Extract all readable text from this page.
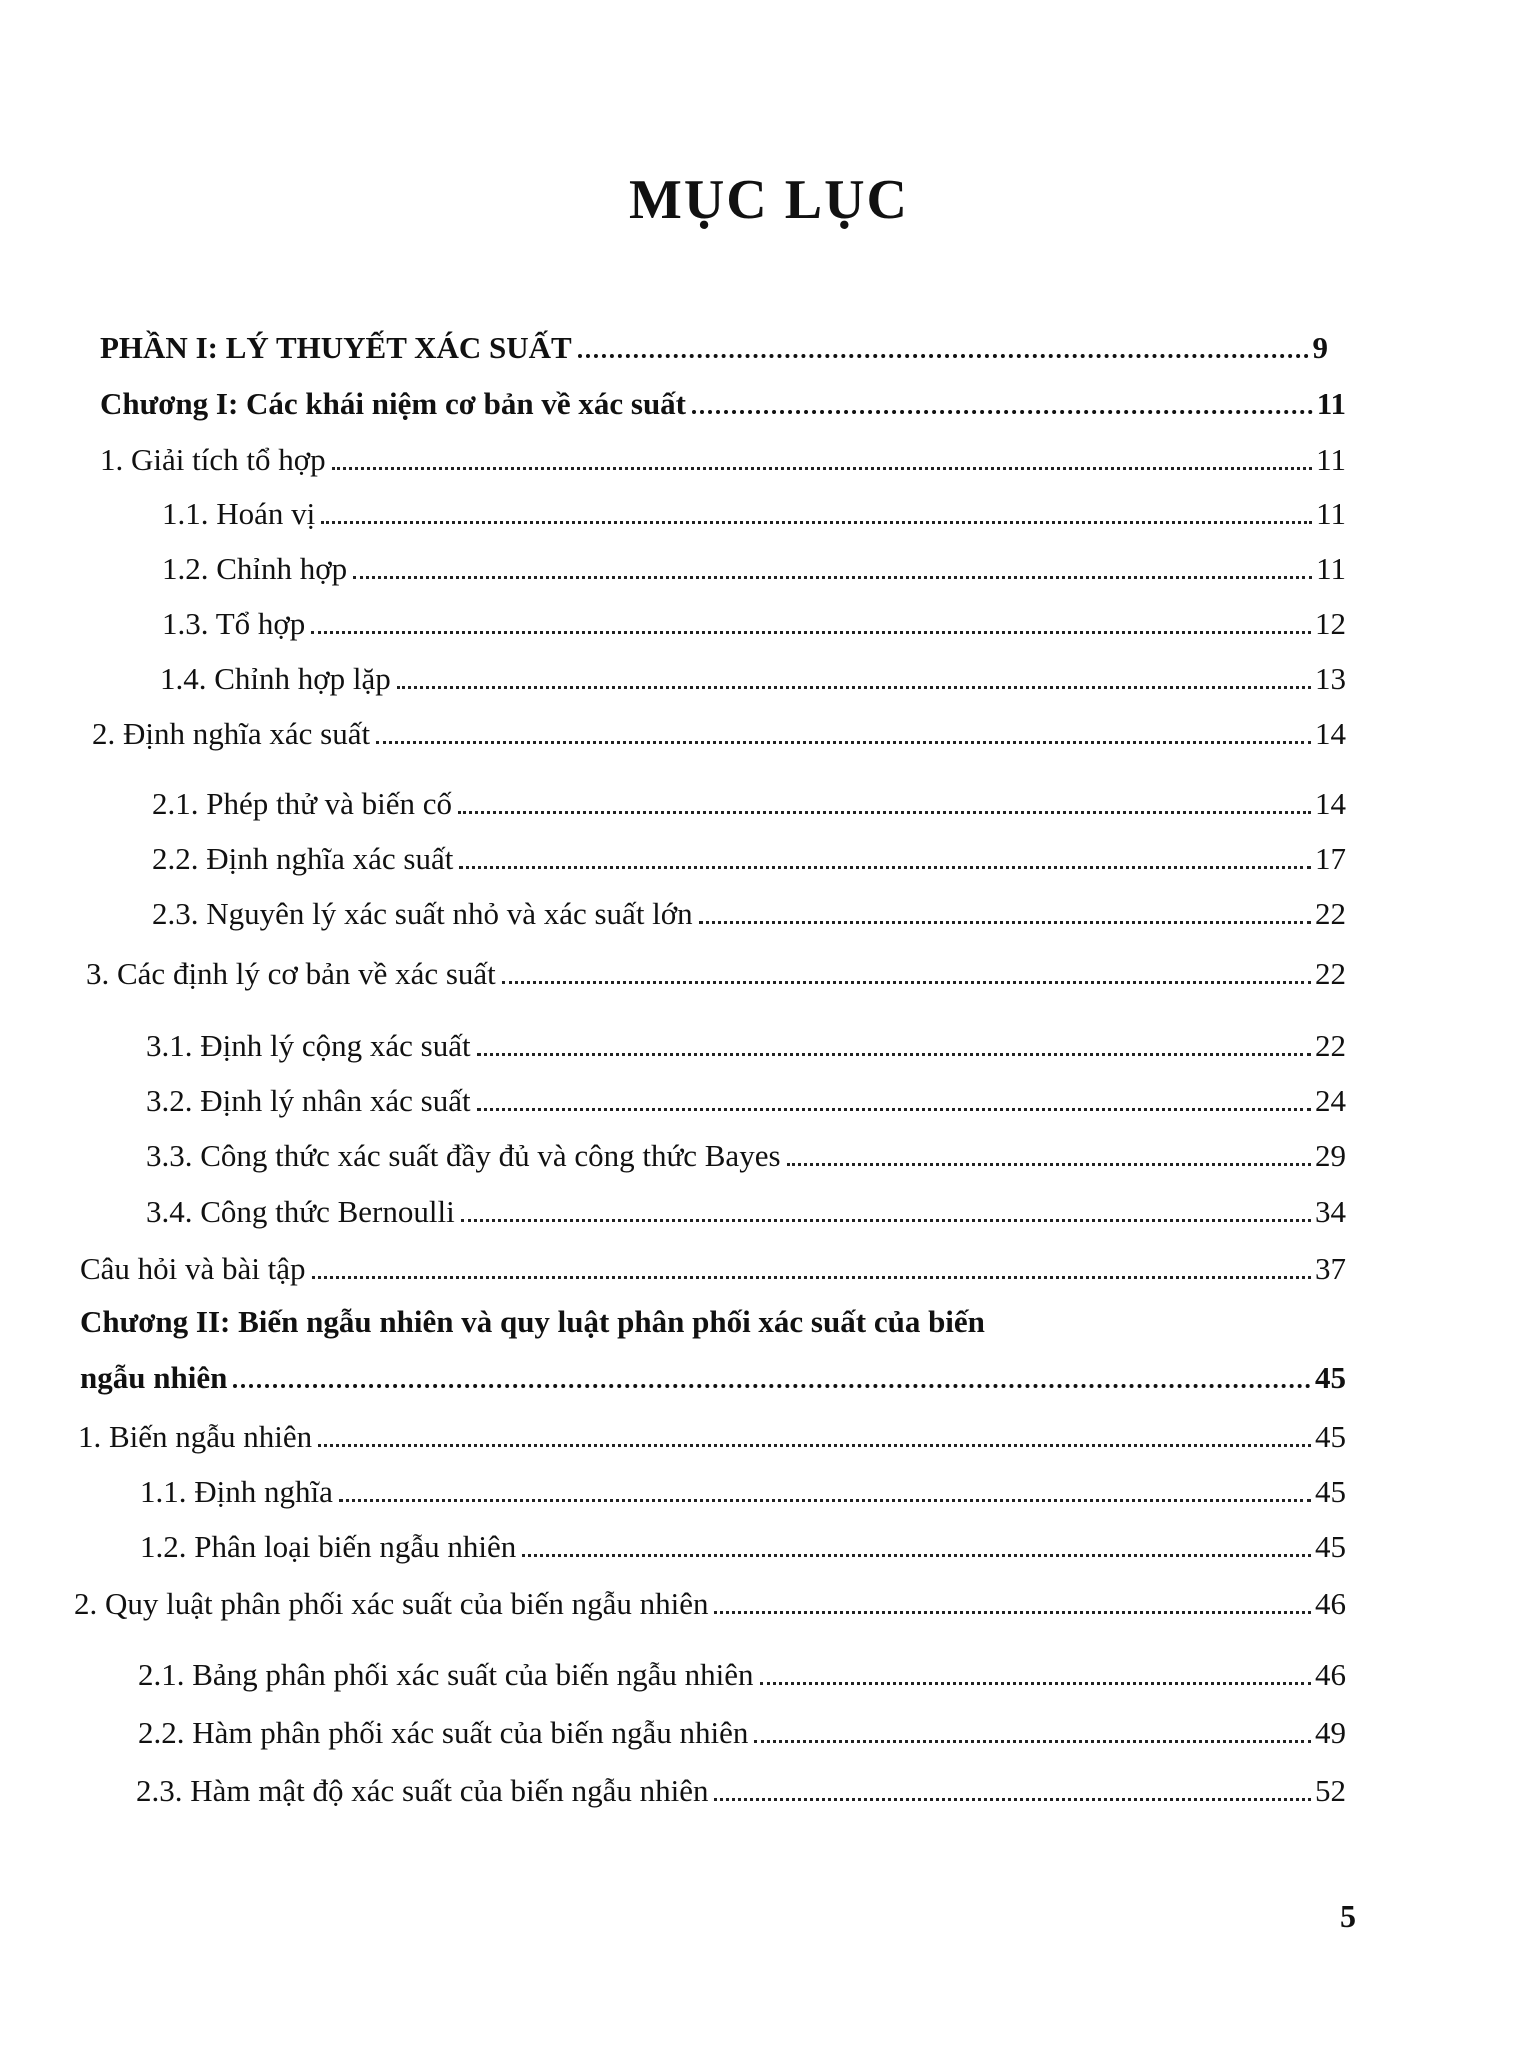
MỤC LỤC
PHẦN I: LÝ THUYẾT XÁC SUẤT	9
Chương I: Các khái niệm cơ bản về xác suất	11
1. Giải tích tổ hợp	11
1.1. Hoán vị	11
1.2. Chỉnh hợp	11
1.3. Tổ hợp	12
1.4. Chỉnh hợp lặp	13
2. Định nghĩa xác suất	14
2.1. Phép thử và biến cố	14
2.2. Định nghĩa xác suất	17
2.3. Nguyên lý xác suất nhỏ và xác suất lớn	22
3. Các định lý cơ bản về xác suất	22
3.1. Định lý cộng xác suất	22
3.2. Định lý nhân xác suất	24
3.3. Công thức xác suất đầy đủ và công thức Bayes	29
3.4. Công thức Bernoulli	34
Câu hỏi và bài tập	37
Chương II: Biến ngẫu nhiên và quy luật phân phối xác suất của biến
ngẫu nhiên	45
1. Biến ngẫu nhiên	45
1.1. Định nghĩa	45
1.2. Phân loại biến ngẫu nhiên	45
2. Quy luật phân phối xác suất của biến ngẫu nhiên	46
2.1. Bảng phân phối xác suất của biến ngẫu nhiên	46
2.2. Hàm phân phối xác suất của biến ngẫu nhiên	49
2.3. Hàm mật độ xác suất của biến ngẫu nhiên	52
5
